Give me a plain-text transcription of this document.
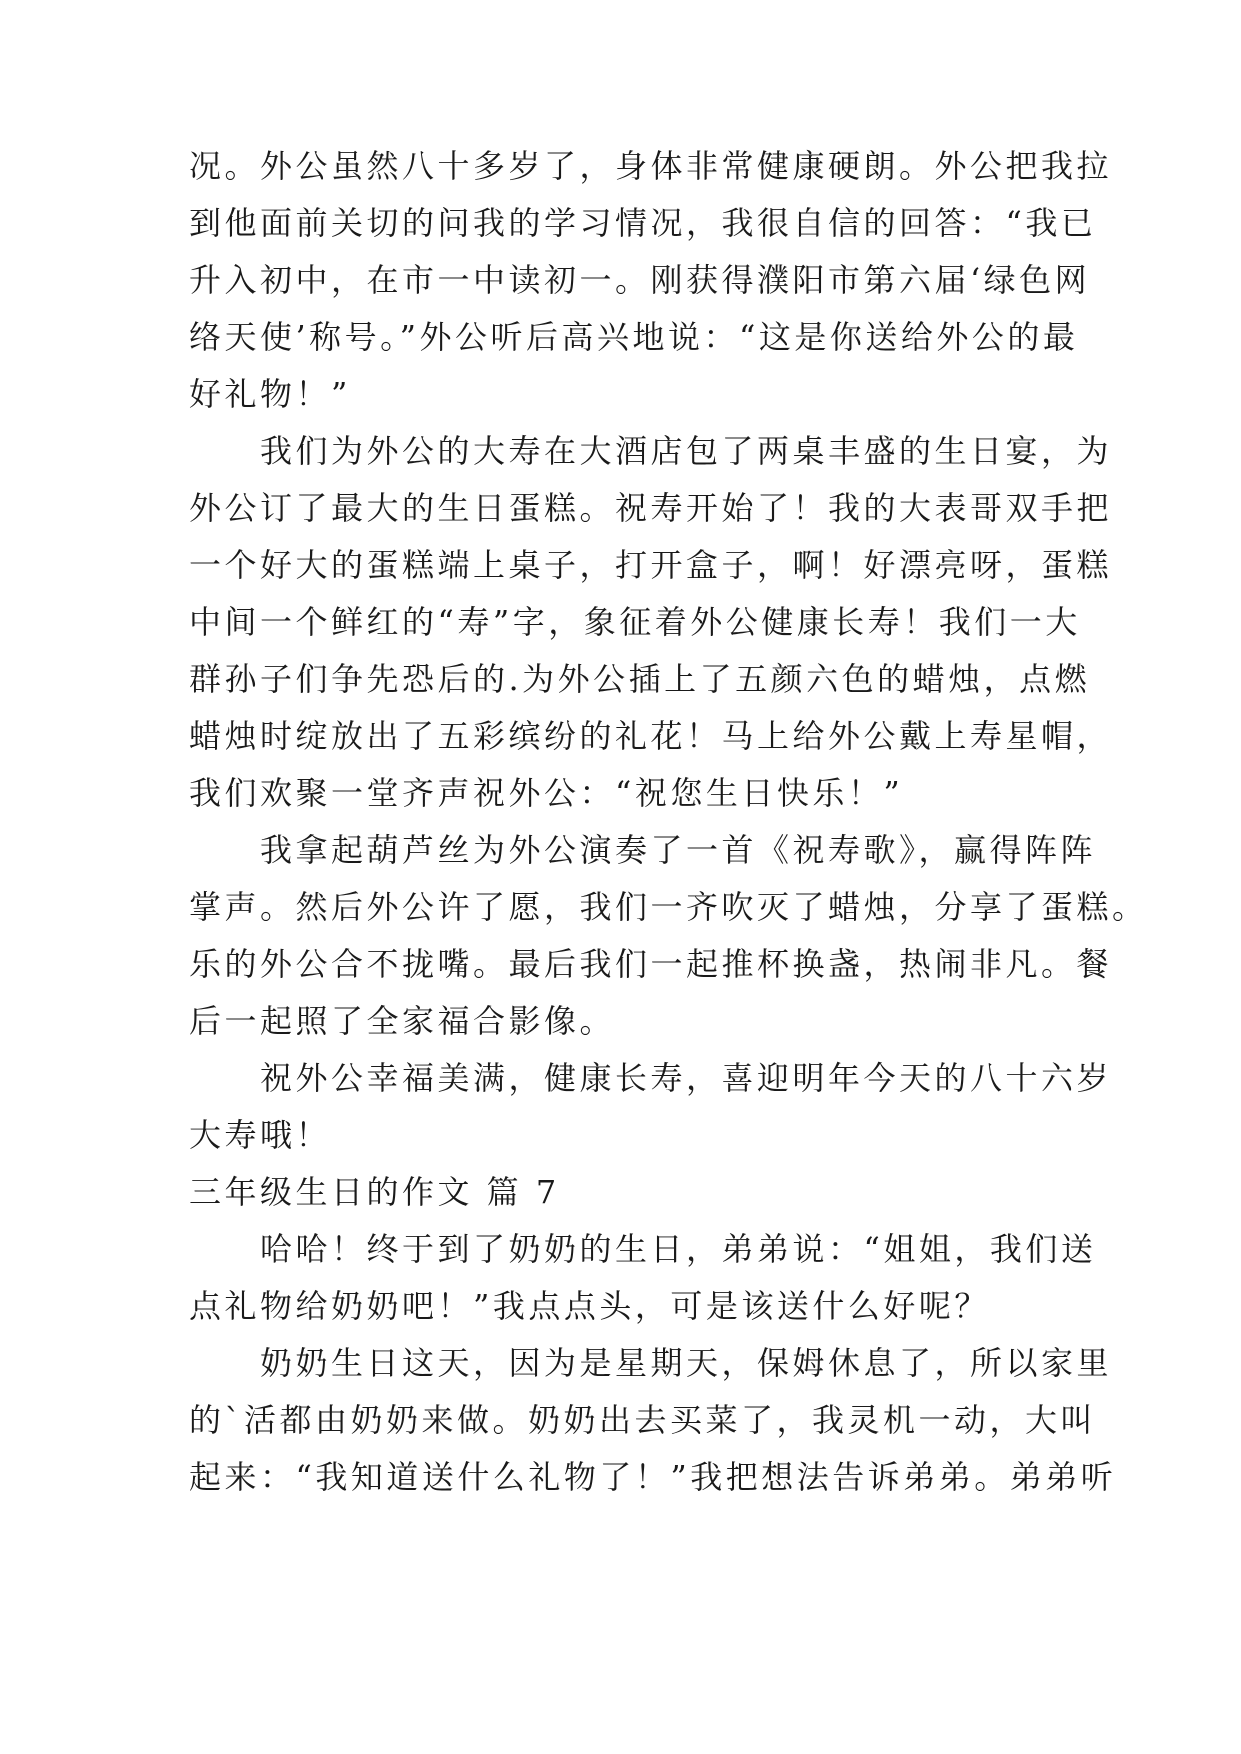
况。外公虽然八十多岁了，身体非常健康硬朗。外公把我拉
到他面前关切的问我的学习情况，我很自信的回答：“我已
升入初中，在市一中读初一。刚获得濮阳市第六届‘绿色网
络天使’称号。”外公听后高兴地说：“这是你送给外公的最
好礼物！”
　　我们为外公的大寿在大酒店包了两桌丰盛的生日宴，为
外公订了最大的生日蛋糕。祝寿开始了！我的大表哥双手把
一个好大的蛋糕端上桌子，打开盒子，啊！好漂亮呀，蛋糕
中间一个鲜红的“寿”字，象征着外公健康长寿！我们一大
群孙子们争先恐后的.为外公插上了五颜六色的蜡烛，点燃
蜡烛时绽放出了五彩缤纷的礼花！马上给外公戴上寿星帽，
我们欢聚一堂齐声祝外公：“祝您生日快乐！”
　　我拿起葫芦丝为外公演奏了一首《祝寿歌》，赢得阵阵
掌声。然后外公许了愿，我们一齐吹灭了蜡烛，分享了蛋糕。
乐的外公合不拢嘴。最后我们一起推杯换盏，热闹非凡。餐
后一起照了全家福合影像。
　　祝外公幸福美满，健康长寿，喜迎明年今天的八十六岁
大寿哦！
三年级生日的作文 篇 7
　　哈哈！终于到了奶奶的生日，弟弟说：“姐姐，我们送
点礼物给奶奶吧！”我点点头，可是该送什么好呢？
　　奶奶生日这天，因为是星期天，保姆休息了，所以家里
的`活都由奶奶来做。奶奶出去买菜了，我灵机一动，大叫
起来：“我知道送什么礼物了！”我把想法告诉弟弟。弟弟听
